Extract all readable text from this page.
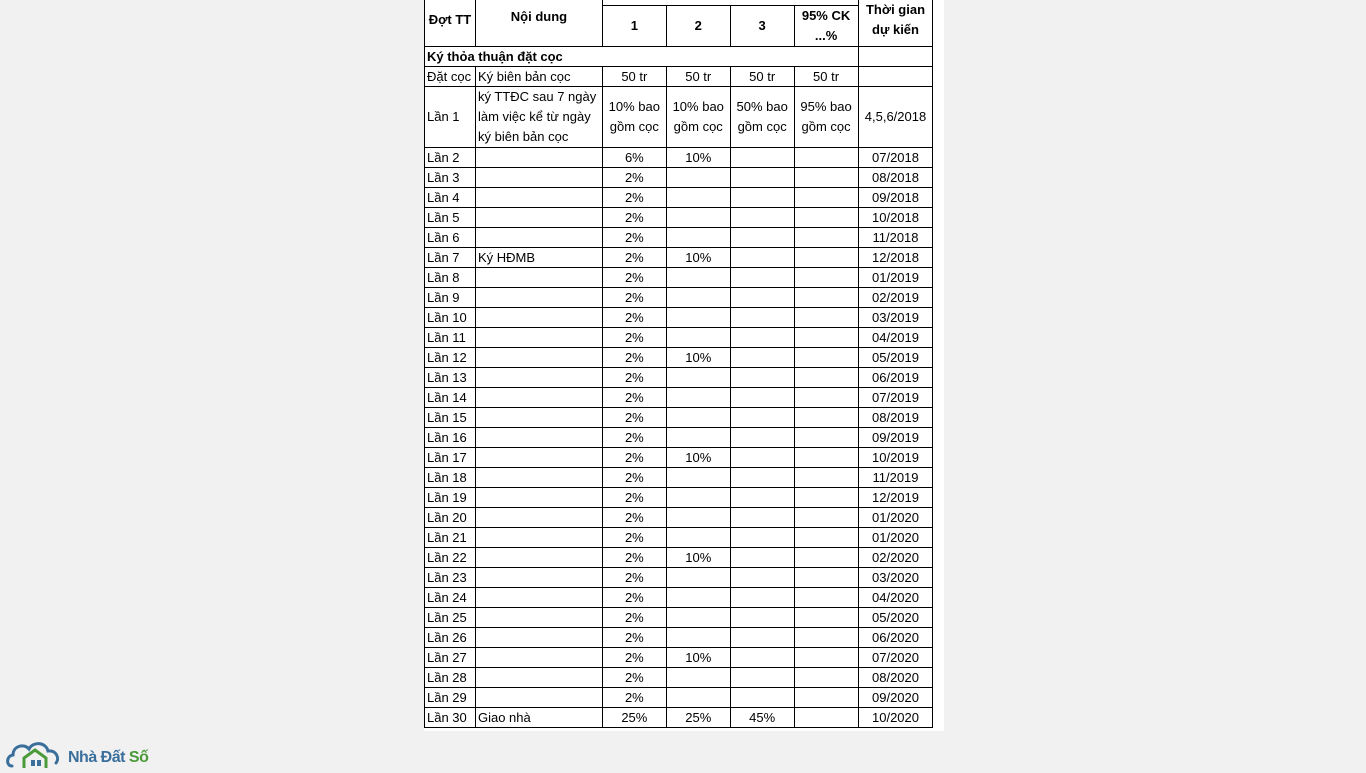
Đợt TT	Nội dung					Thời gian dự kiến	
		1	2	3	95% CK ...%		
Ký thỏa thuận đặt cọc							
Đặt cọc	Ký biên bản cọc	50 tr	50 tr	50 tr	50 tr		
Lần 1	ký TTĐC sau 7 ngày làm việc kể từ ngày ký biên bản cọc	10% bao gồm cọc	10% bao gồm cọc	50% bao gồm cọc	95% bao gồm cọc	4,5,6/2018	
Lần 2		6%	10%			07/2018	
Lần 3		2%				08/2018	
Lần 4		2%				09/2018	
Lần 5		2%				10/2018	
Lần 6		2%				11/2018	
Lần 7	Ký HĐMB	2%	10%			12/2018	
Lần 8		2%				01/2019	
Lần 9		2%				02/2019	
Lần 10		2%				03/2019	
Lần 11		2%				04/2019	
Lần 12		2%	10%			05/2019	
Lần 13		2%				06/2019	
Lần 14		2%				07/2019	
Lần 15		2%				08/2019	
Lần 16		2%				09/2019	
Lần 17		2%	10%			10/2019	
Lần 18		2%				11/2019	
Lần 19		2%				12/2019	
Lần 20		2%				01/2020	
Lần 21		2%				01/2020	
Lần 22		2%	10%			02/2020	
Lần 23		2%				03/2020	
Lần 24		2%				04/2020	
Lần 25		2%				05/2020	
Lần 26		2%				06/2020	
Lần 27		2%	10%			07/2020	
Lần 28		2%				08/2020	
Lần 29		2%				09/2020	
Lần 30	Giao nhà	25%	25%	45%		10/2020	
Nhà Đất Số
